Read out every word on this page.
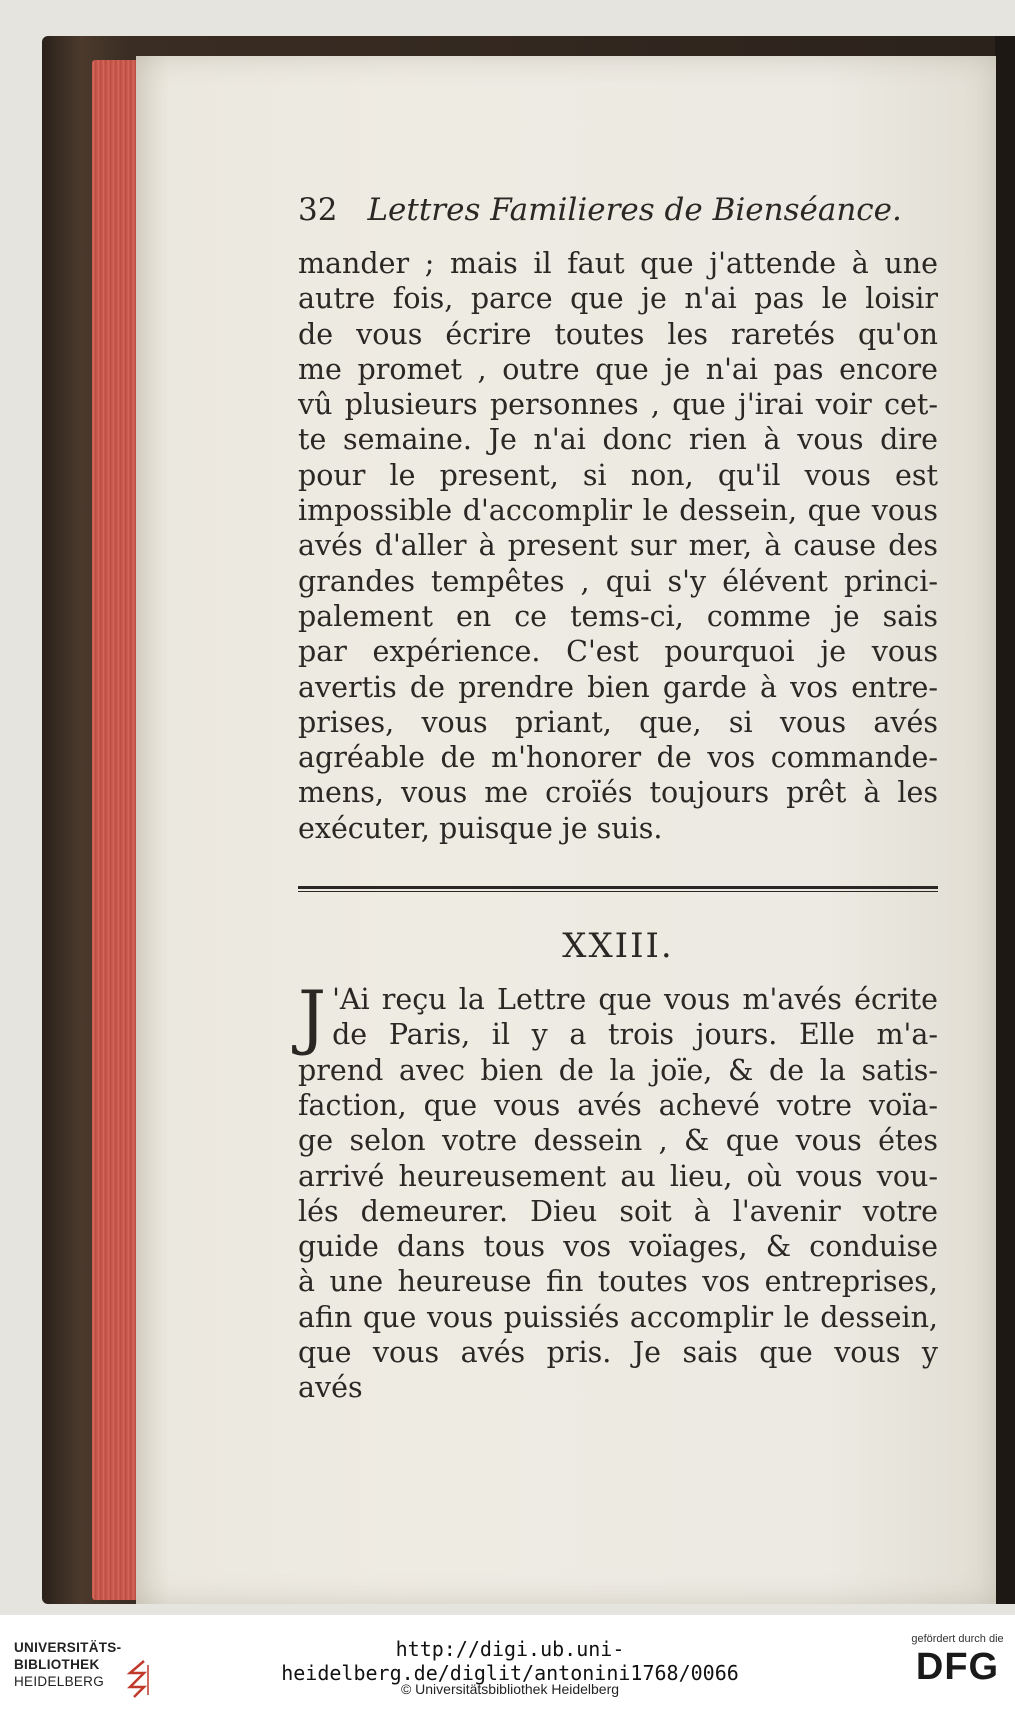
32 Lettres Familieres de Bienséance.

mander ; mais il faut que j'attende à une
autre fois, parce que je n'ai pas le loisir
de vous écrire toutes les raretés qu'on
me promet , outre que je n'ai pas encore
vû plusieurs personnes , que j'irai voir cet-
te semaine. Je n'ai donc rien à vous dire
pour le present, si non, qu'il vous est
impossible d'accomplir le dessein, que vous
avés d'aller à present sur mer, à cause des
grandes tempêtes , qui s'y élévent princi-
palement en ce tems-ci, comme je sais
par expérience. C'est pourquoi je vous
avertis de prendre bien garde à vos entre-
prises, vous priant, que, si vous avés
agréable de m'honorer de vos commande-
mens, vous me croïés toujours prêt à les
exécuter, puisque je suis.

XXIII.

J 'Ai reçu la Lettre que vous m'avés écrite
de Paris, il y a trois jours. Elle m'a-
prend avec bien de la joïe, & de la satis-
faction, que vous avés achevé votre voïa-
ge selon votre dessein , & que vous étes
arrivé heureusement au lieu, où vous vou-
lés demeurer. Dieu soit à l'avenir votre
guide dans tous vos voïages, & conduise
à une heureuse fin toutes vos entreprises,
afin que vous puissiés accomplir le dessein,
que vous avés pris. Je sais que vous y

avés
UNIVERSITÄTS-
BIBLIOTHEK
HEIDELBERG
http://digi.ub.uni-heidelberg.de/diglit/antonini1768/0066
© Universitätsbibliothek Heidelberg
gefördert durch die
DFG
